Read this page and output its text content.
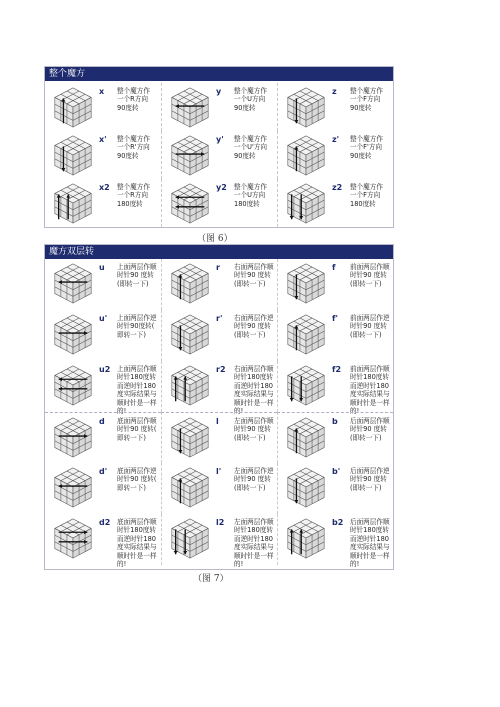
整个魔方
x	整个魔方作
一个R方向
90度转
y	整个魔方作
一个U方向
90度转
z	整个魔方作
一个F方向
90度转
x'	整个魔方作
一个R'方向
90度转
y'	整个魔方作
一个U'方向
90度转
z'	整个魔方作
一个F'方向
90度转
x2	整个魔方作
一个R方向
180度转
y2	整个魔方作
一个U方向
180度转
z2	整个魔方作
一个F方向
180度转
（图 6）
魔方双层转
u	上面两层作顺
时针90 度转
(即转一下)
r	右面两层作顺
时针90 度转
(即转一下)
f	前面两层作顺
时针90 度转
(即转一下)
u'	上面两层作逆
时针90度转(
即转一下)
r'	右面两层作逆
时针90 度转
(即转一下)
f'	前面两层作逆
时针90 度转
(即转一下)
u2	上面两层作顺
时针180度转
而逆时针180
度实际结果与
顺时针是一样
的!
r2	右面两层作顺
时针180度转
而逆时针180
度实际结果与
顺时针是一样
的!
f2	前面两层作顺
时针180度转
而逆时针180
度实际结果与
顺时针是一样
的!
d	底面两层作顺
时针90 度转(
即转一下)
l	左面两层作顺
时针90 度转
(即转一下)
b	后面两层作顺
时针90 度转
(即转一下)
d'	底面两层作逆
时针90 度转(
即转一下)
l'	左面两层作逆
时针90 度转
(即转一下)
b'	后面两层作逆
时针90 度转
(即转一下)
d2	底面两层作顺
时针180度转
而逆时针180
度实际结果与
顺时针是一样
的!
l2	左面两层作顺
时针180度转
而逆时针180
度实际结果与
顺时针是一样
的!
b2	后面两层作顺
时针180度转
而逆时针180
度实际结果与
顺时针是一样
的!
（图 7）
